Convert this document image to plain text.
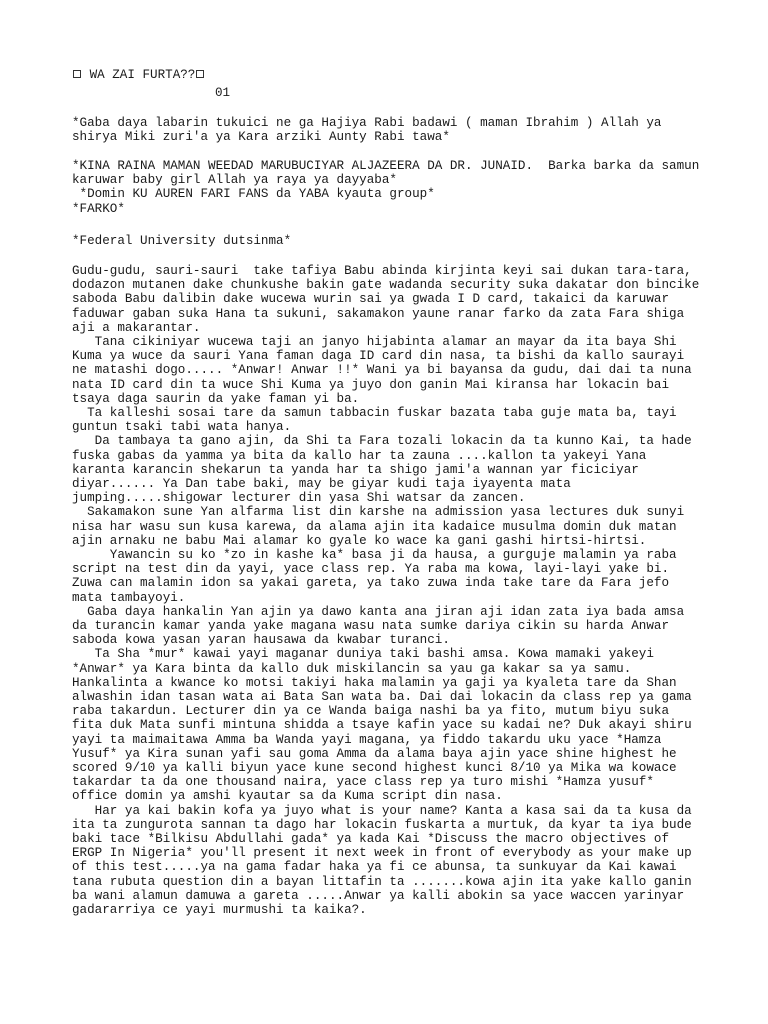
WA ZAI FURTA??
01
*Gaba daya labarin tukuici ne ga Hajiya Rabi badawi ( maman Ibrahim ) Allah ya
shirya Miki zuri'a ya Kara arziki Aunty Rabi tawa*
*KINA RAINA MAMAN WEEDAD MARUBUCIYAR ALJAZEERA DA DR. JUNAID.  Barka barka da samun
karuwar baby girl Allah ya raya ya dayyaba*
*Domin KU AUREN FARI FANS da YABA kyauta group*
*FARKO*
*Federal University dutsinma*
Gudu-gudu, sauri-sauri  take tafiya Babu abinda kirjinta keyi sai dukan tara-tara,
dodazon mutanen dake chunkushe bakin gate wadanda security suka dakatar don bincike
saboda Babu dalibin dake wucewa wurin sai ya gwada I D card, takaici da karuwar
faduwar gaban suka Hana ta sukuni, sakamakon yaune ranar farko da zata Fara shiga
aji a makarantar.
Tana cikiniyar wucewa taji an janyo hijabinta alamar an mayar da ita baya Shi
Kuma ya wuce da sauri Yana faman daga ID card din nasa, ta bishi da kallo saurayi
ne matashi dogo..... *Anwar! Anwar !!* Wani ya bi bayansa da gudu, dai dai ta nuna
nata ID card din ta wuce Shi Kuma ya juyo don ganin Mai kiransa har lokacin bai
tsaya daga saurin da yake faman yi ba.
Ta kalleshi sosai tare da samun tabbacin fuskar bazata taba guje mata ba, tayi
guntun tsaki tabi wata hanya.
Da tambaya ta gano ajin, da Shi ta Fara tozali lokacin da ta kunno Kai, ta hade
fuska gabas da yamma ya bita da kallo har ta zauna ....kallon ta yakeyi Yana
karanta karancin shekarun ta yanda har ta shigo jami'a wannan yar ficiciyar
diyar...... Ya Dan tabe baki, may be giyar kudi taja iyayenta mata
jumping.....shigowar lecturer din yasa Shi watsar da zancen.
Sakamakon sune Yan alfarma list din karshe na admission yasa lectures duk sunyi
nisa har wasu sun kusa karewa, da alama ajin ita kadaice musulma domin duk matan
ajin arnaku ne babu Mai alamar ko gyale ko wace ka gani gashi hirtsi-hirtsi.
Yawancin su ko *zo in kashe ka* basa ji da hausa, a gurguje malamin ya raba
script na test din da yayi, yace class rep. Ya raba ma kowa, layi-layi yake bi.
Zuwa can malamin idon sa yakai gareta, ya tako zuwa inda take tare da Fara jefo
mata tambayoyi.
Gaba daya hankalin Yan ajin ya dawo kanta ana jiran aji idan zata iya bada amsa
da turancin kamar yanda yake magana wasu nata sumke dariya cikin su harda Anwar
saboda kowa yasan yaran hausawa da kwabar turanci.
Ta Sha *mur* kawai yayi maganar duniya taki bashi amsa. Kowa mamaki yakeyi
*Anwar* ya Kara binta da kallo duk miskilancin sa yau ga kakar sa ya samu.
Hankalinta a kwance ko motsi takiyi haka malamin ya gaji ya kyaleta tare da Shan
alwashin idan tasan wata ai Bata San wata ba. Dai dai lokacin da class rep ya gama
raba takardun. Lecturer din ya ce Wanda baiga nashi ba ya fito, mutum biyu suka
fita duk Mata sunfi mintuna shidda a tsaye kafin yace su kadai ne? Duk akayi shiru
yayi ta maimaitawa Amma ba Wanda yayi magana, ya fiddo takardu uku yace *Hamza
Yusuf* ya Kira sunan yafi sau goma Amma da alama baya ajin yace shine highest he
scored 9/10 ya kalli biyun yace kune second highest kunci 8/10 ya Mika wa kowace
takardar ta da one thousand naira, yace class rep ya turo mishi *Hamza yusuf*
office domin ya amshi kyautar sa da Kuma script din nasa.
Har ya kai bakin kofa ya juyo what is your name? Kanta a kasa sai da ta kusa da
ita ta zungurota sannan ta dago har lokacin fuskarta a murtuk, da kyar ta iya bude
baki tace *Bilkisu Abdullahi gada* ya kada Kai *Discuss the macro objectives of
ERGP In Nigeria* you'll present it next week in front of everybody as your make up
of this test.....ya na gama fadar haka ya fi ce abunsa, ta sunkuyar da Kai kawai
tana rubuta question din a bayan littafin ta .......kowa ajin ita yake kallo ganin
ba wani alamun damuwa a gareta .....Anwar ya kalli abokin sa yace waccen yarinyar
gadararriya ce yayi murmushi ta kaika?.
